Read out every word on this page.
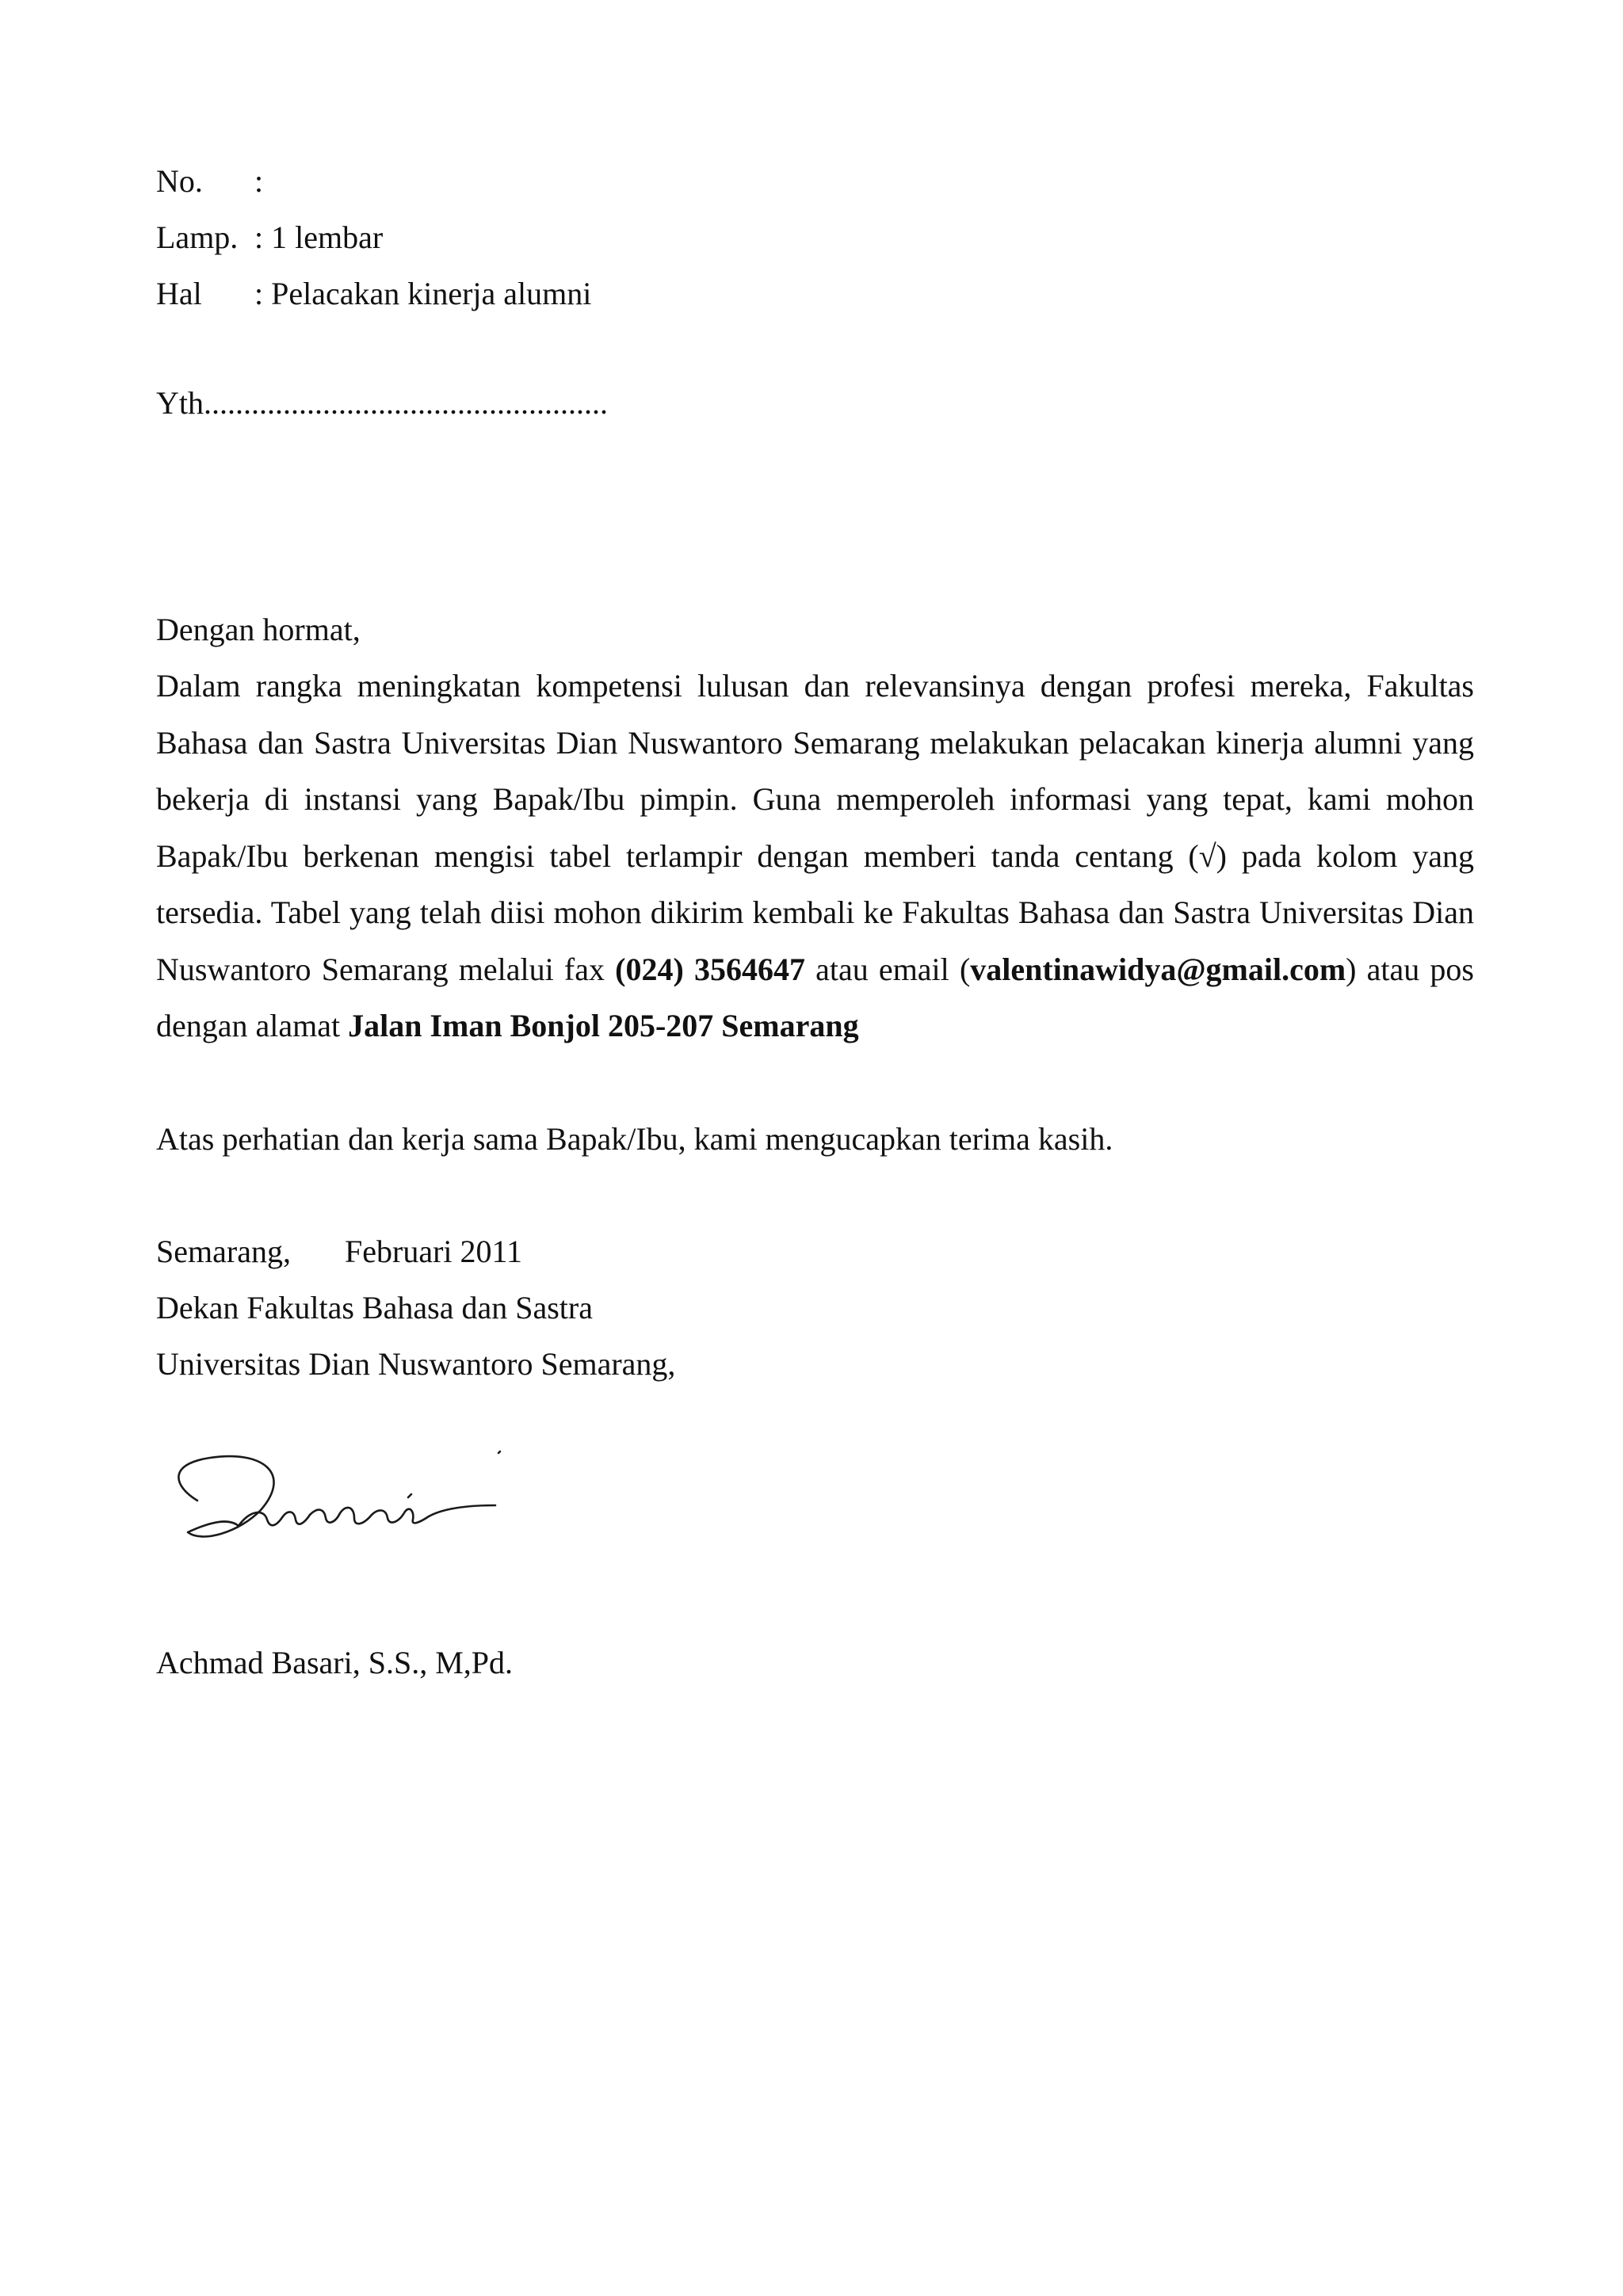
No.	:
Lamp. : 1 lembar
Hal	: Pelacakan kinerja alumni
Yth...................................................
Dengan hormat,

Dalam rangka meningkatan kompetensi lulusan dan relevansinya dengan profesi mereka, Fakultas Bahasa dan Sastra Universitas Dian Nuswantoro Semarang melakukan pelacakan kinerja alumni yang bekerja di instansi yang Bapak/Ibu pimpin. Guna memperoleh informasi yang tepat, kami mohon Bapak/Ibu berkenan mengisi tabel terlampir dengan memberi tanda centang (√) pada kolom yang tersedia. Tabel yang telah diisi mohon dikirim kembali ke Fakultas Bahasa dan Sastra Universitas Dian Nuswantoro Semarang melalui fax (024) 3564647 atau email (valentinawidya@gmail.com) atau pos dengan alamat Jalan Iman Bonjol 205-207 Semarang

Atas perhatian dan kerja sama Bapak/Ibu, kami mengucapkan terima kasih.
Semarang,	Februari 2011
Dekan Fakultas Bahasa dan Sastra
Universitas Dian Nuswantoro Semarang,
Achmad Basari, S.S., M,Pd.
